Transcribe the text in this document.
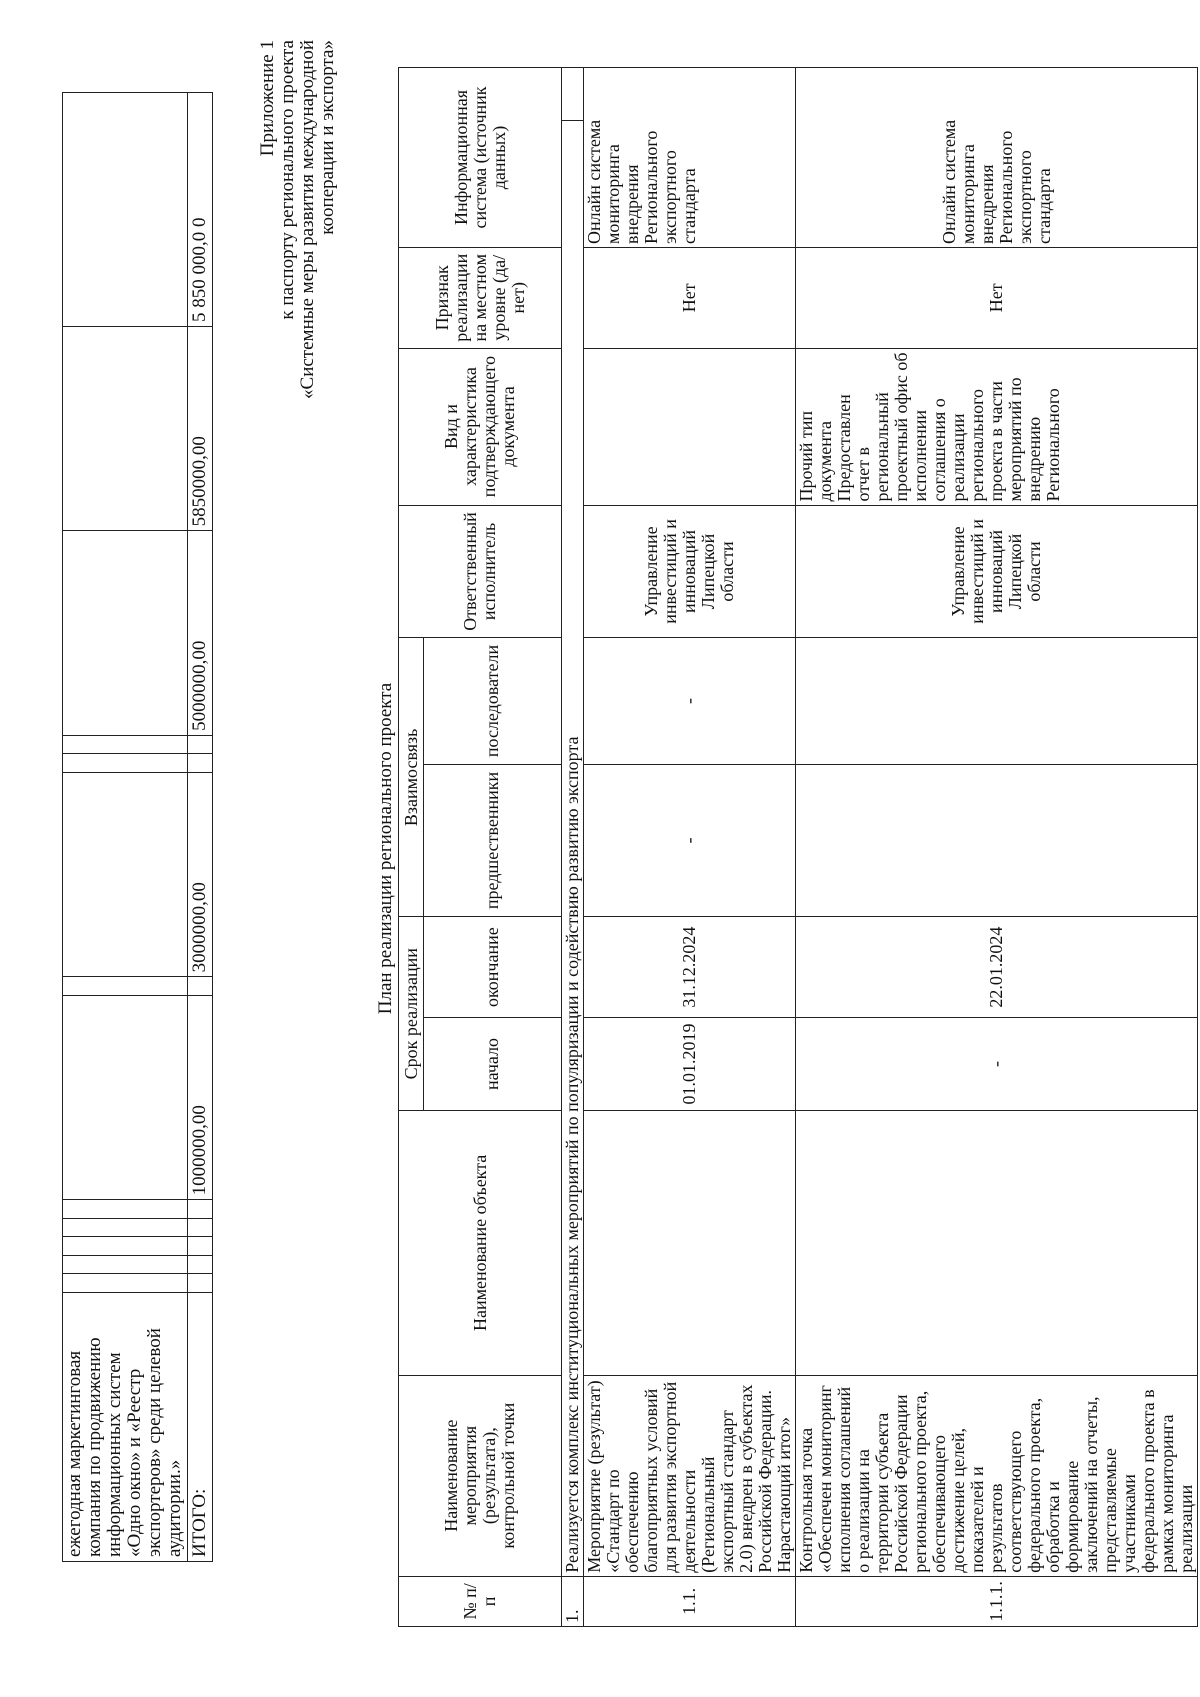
ежегодная маркетинговая компания по продвижению информационных систем «Одно окно» и «Реестр экспортеров» среди целевой аудитории.»													
ИТОГО:						1000000,00		3000000,00			5000000,00	5850000,00	5 850 000,0 0
Приложение 1 к паспорту регионального проекта «Системные меры развития международной кооперации и экспорта»
План реализации регионального проекта
№ п/п	Наименование мероприятия (результата), контрольной точки	Наименование объекта	Срок реализации		Взаимосвязь		Ответственный исполнитель	Вид и характеристика подтверждающего документа	Признак реализации на местном уровне (да/нет)	Информационная система (источник данных)	
			начало	окончание	предшественники	последователи					
1.	Реализуется комплекс институциональных мероприятий по популяризации и содействию развитию экспорта										
1.1.	Мероприятие (результат) «Стандарт по обеспечению благоприятных условий для развития экспортной деятельности (Региональный экспортный стандарт 2.0) внедрен в субъектах Российской Федерации. Нарастающий итог»		01.01.2019	31.12.2024	-	-	Управление инвестиций и инноваций Липецкой области		Нет	Онлайн система мониторинга внедрения Регионального экспортного стандарта	
1.1.1.	Контрольная точка «Обеспечен мониторинг исполнения соглашений о реализации на территории субъекта Российской Федерации регионального проекта, обеспечивающего достижение целей, показателей и результатов соответствующего федерального проекта, обработка и формирование заключений на отчеты, представляемые участниками федерального проекта в рамках мониторинга реализации		-	22.01.2024			Управление инвестиций и инноваций Липецкой области	Прочий тип документа Предоставлен отчет в региональный проектный офис об исполнении соглашения о реализации регионального проекта в части мероприятий по внедрению Регионального	Нет	Онлайн система мониторинга внедрения Регионального экспортного стандарта	
